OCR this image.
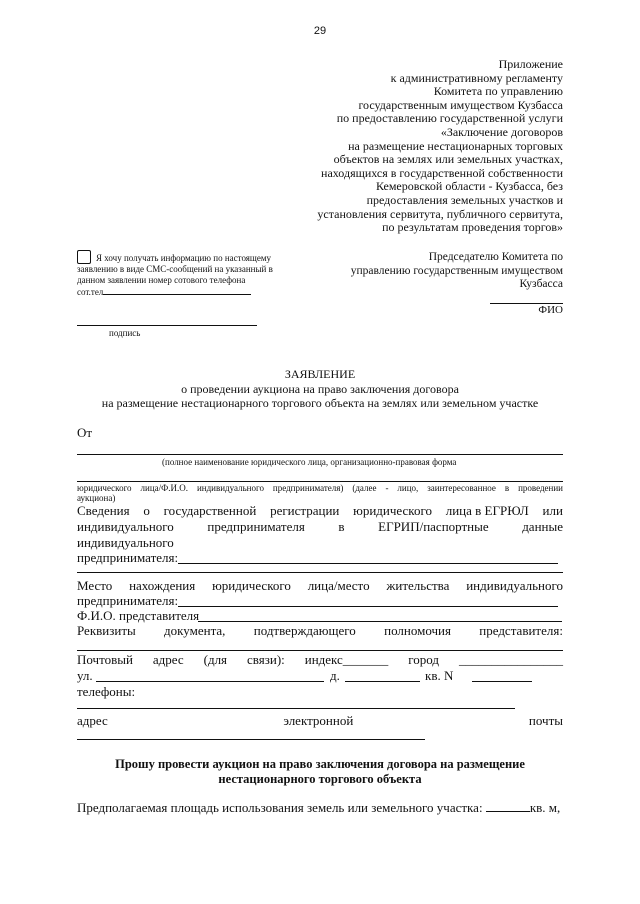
29
Приложение
к административному регламенту
Комитета по управлению
государственным имуществом Кузбасса
по предоставлению государственной услуги
«Заключение договоров
на размещение нестационарных торговых
объектов на землях или земельных участках,
находящихся в государственной собственности
Кемеровской области - Кузбасса, без
предоставления земельных участков и
установления сервитута, публичного сервитута,
по результатам проведения торгов»
Я хочу получать информацию по настоящему заявлению в виде СМС-сообщений на указанный в данном заявлении номер сотового телефона
сот.тел
подпись
Председателю Комитета по
управлению государственным имуществом
Кузбасса
ФИО
ЗАЯВЛЕНИЕ
о проведении аукциона на право заключения договора
на размещение нестационарного торгового объекта на землях или земельном участке
От
(полное наименование юридического лица, организационно-правовая форма
юридического лица/Ф.И.О. индивидуального предпринимателя) (далее - лицо, заинтересованное в проведении
аукциона)
Сведения о государственной регистрации юридического лица в ЕГРЮЛ или
индивидуального	предпринимателя	в	ЕГРИП/паспортные	данные
индивидуального
предпринимателя:
Место нахождения юридического лица/место жительства индивидуального
предпринимателя:
Ф.И.О. представителя
Реквизиты документа, подтверждающего полномочия представителя:
Почтовый адрес (для связи): индекс_______ город ________________
ул.	д.	кв. N
телефоны:
адрес	электронной	почты
Прошу провести аукцион на право заключения договора на размещение
нестационарного торгового объекта
Предполагаемая площадь использования земель или земельного участка:	кв. м,
